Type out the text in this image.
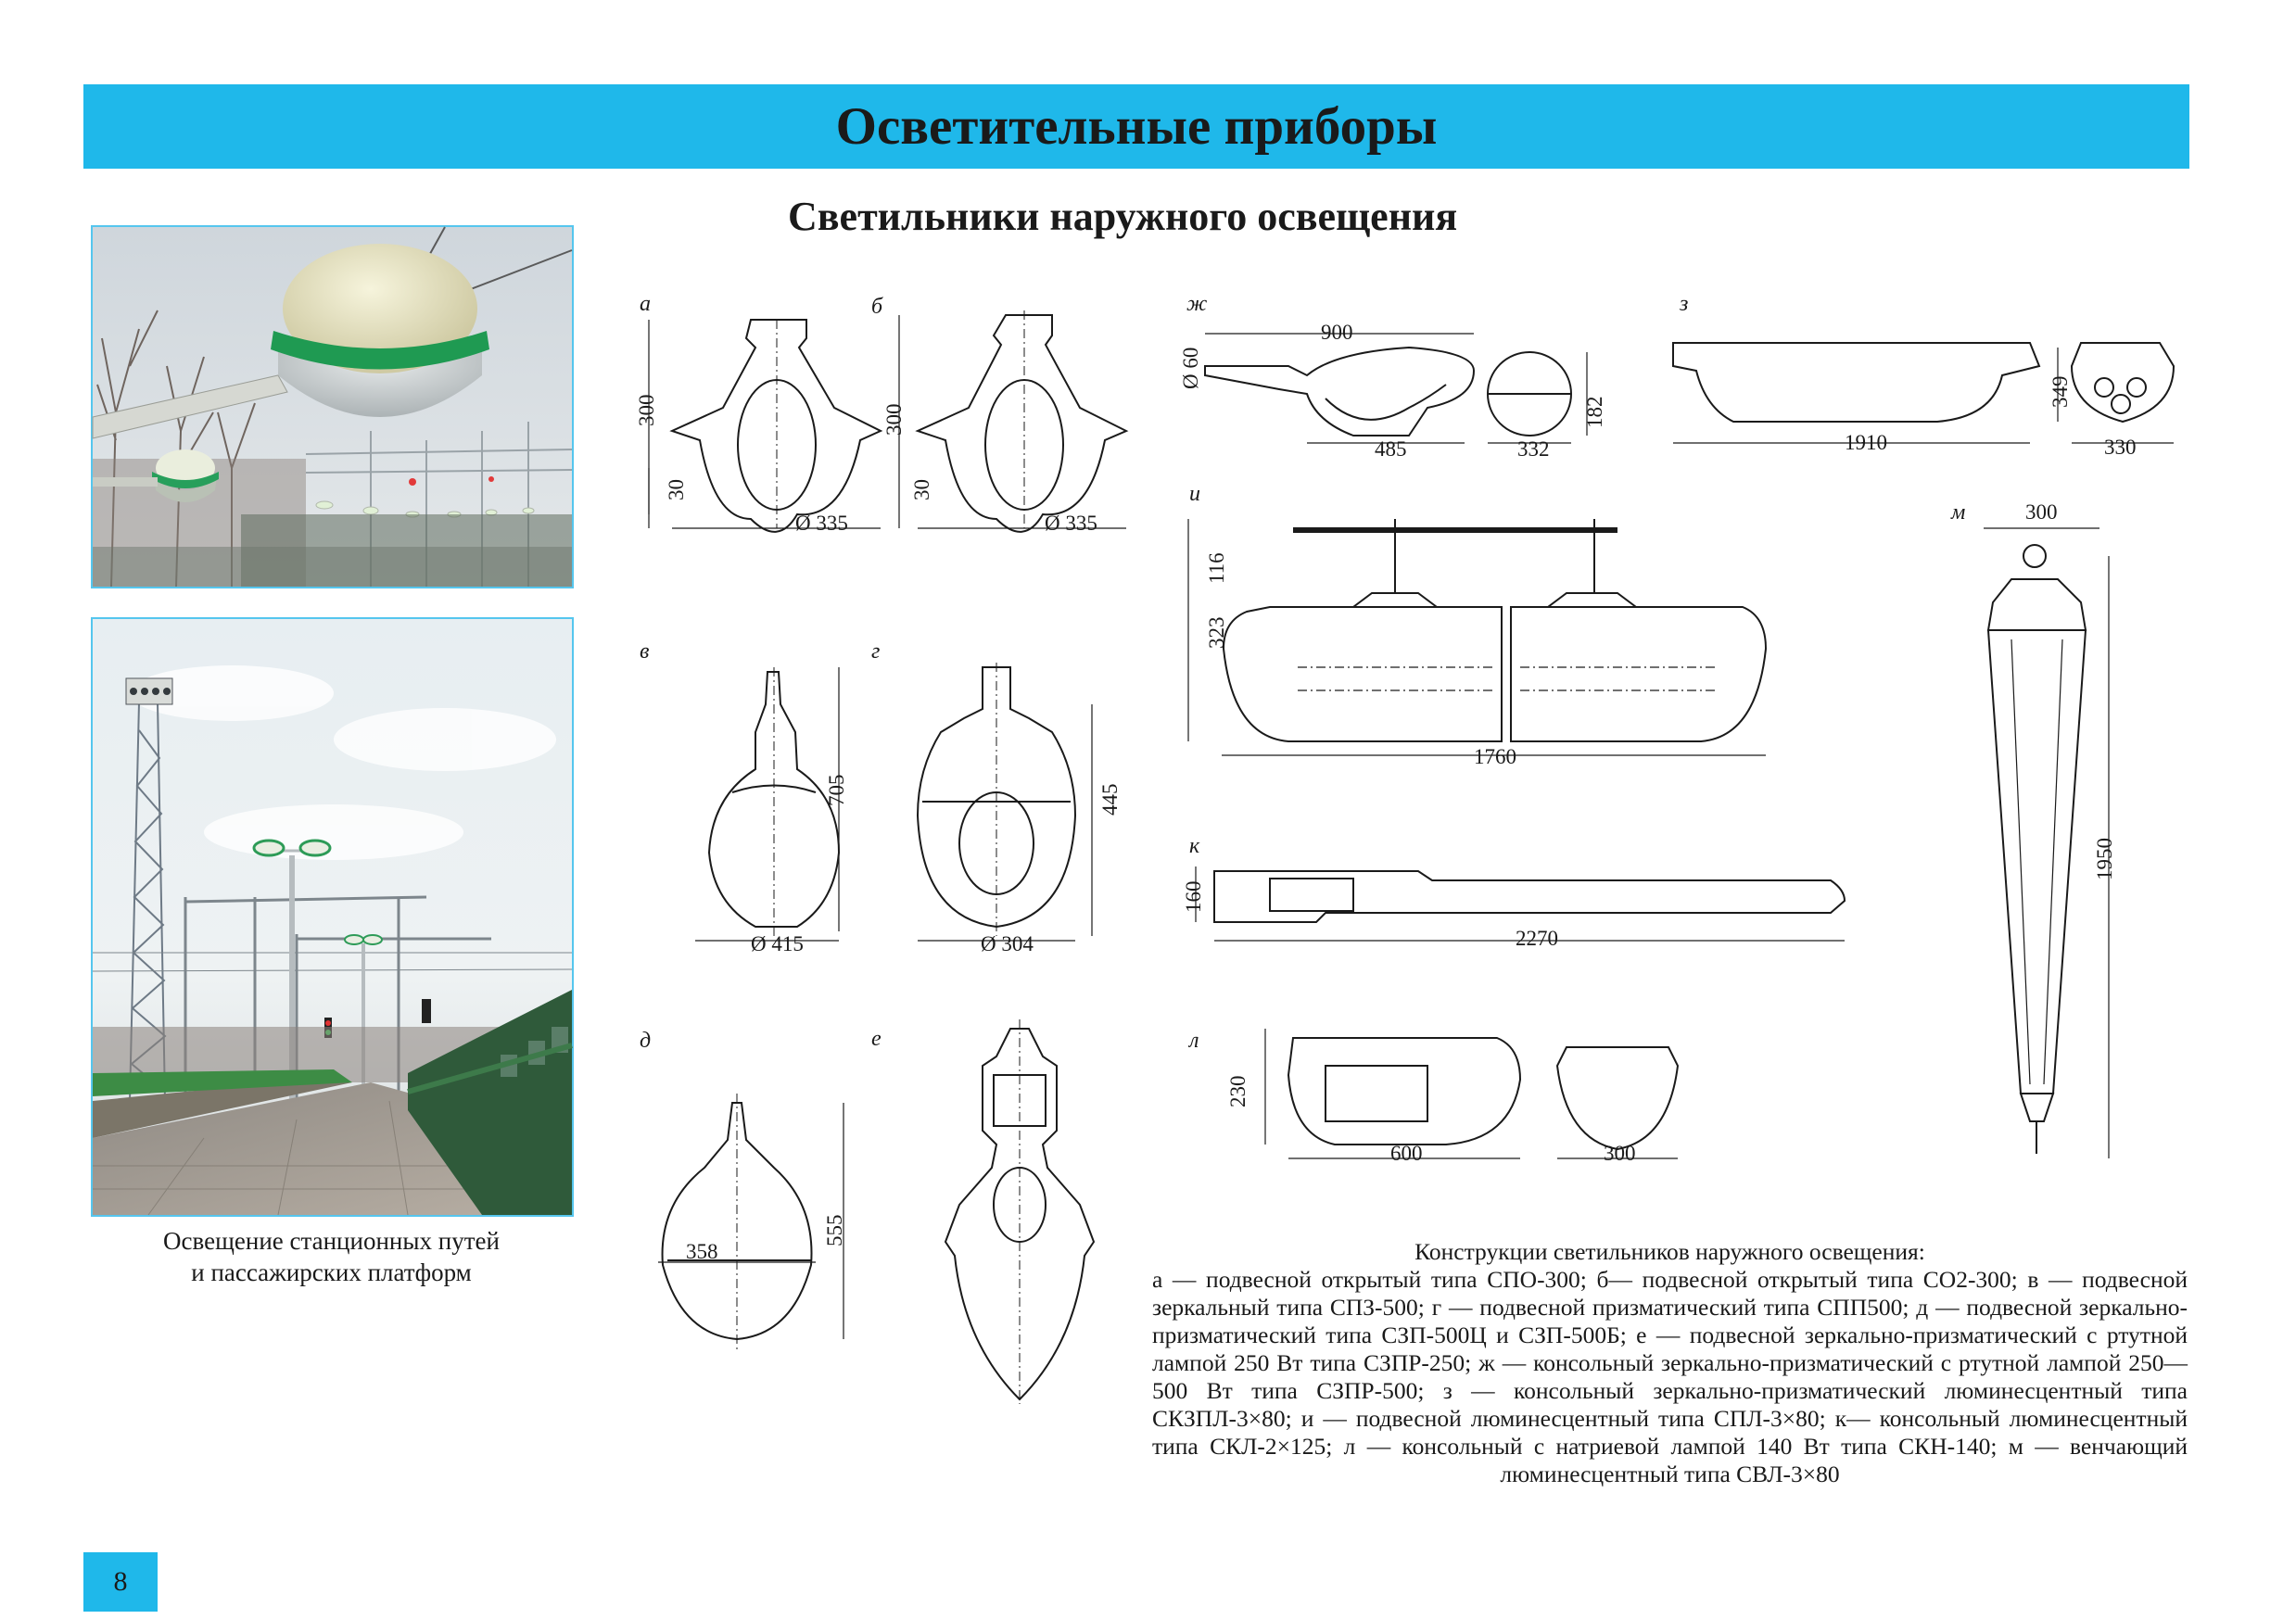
Осветительные приборы
Светильники наружного освещения
Освещение станционных путей
и пассажирских платформ
а	б
в	г
д	е
ж	з
и
к
л
м
300
30
Ø 335
300
30
Ø 335
705
Ø 415
445
Ø 304
555
358
Ø 60
900
485	332
182
1910
349
330
116
323
1760
160
2270
230
600	300
300
1950
Конструкции светильников наружного освещения:
а — подвесной открытый типа СПО-300; б— подвесной открытый типа СО2-300; в — подвесной зеркальный типа СПЗ-500; г — подвесной призматический типа СПП500; д — подвесной зеркально-призматический типа СЗП-500Ц и СЗП-500Б; е — подвесной зеркально-призматический с ртутной лампой 250 Вт типа СЗПР-250; ж — консольный зеркально-призматический с ртутной лампой 250—500 Вт типа СЗПР-500; з — консольный зеркально-призматический люминесцентный типа СКЗПЛ-3×80; и — подвесной люминесцентный типа СПЛ-3×80; к— консольный люминесцентный типа СКЛ-2×125; л — консольный с натриевой лампой 140 Вт типа СКН-140; м — венчающий люминесцентный типа СВЛ-3×80
8
